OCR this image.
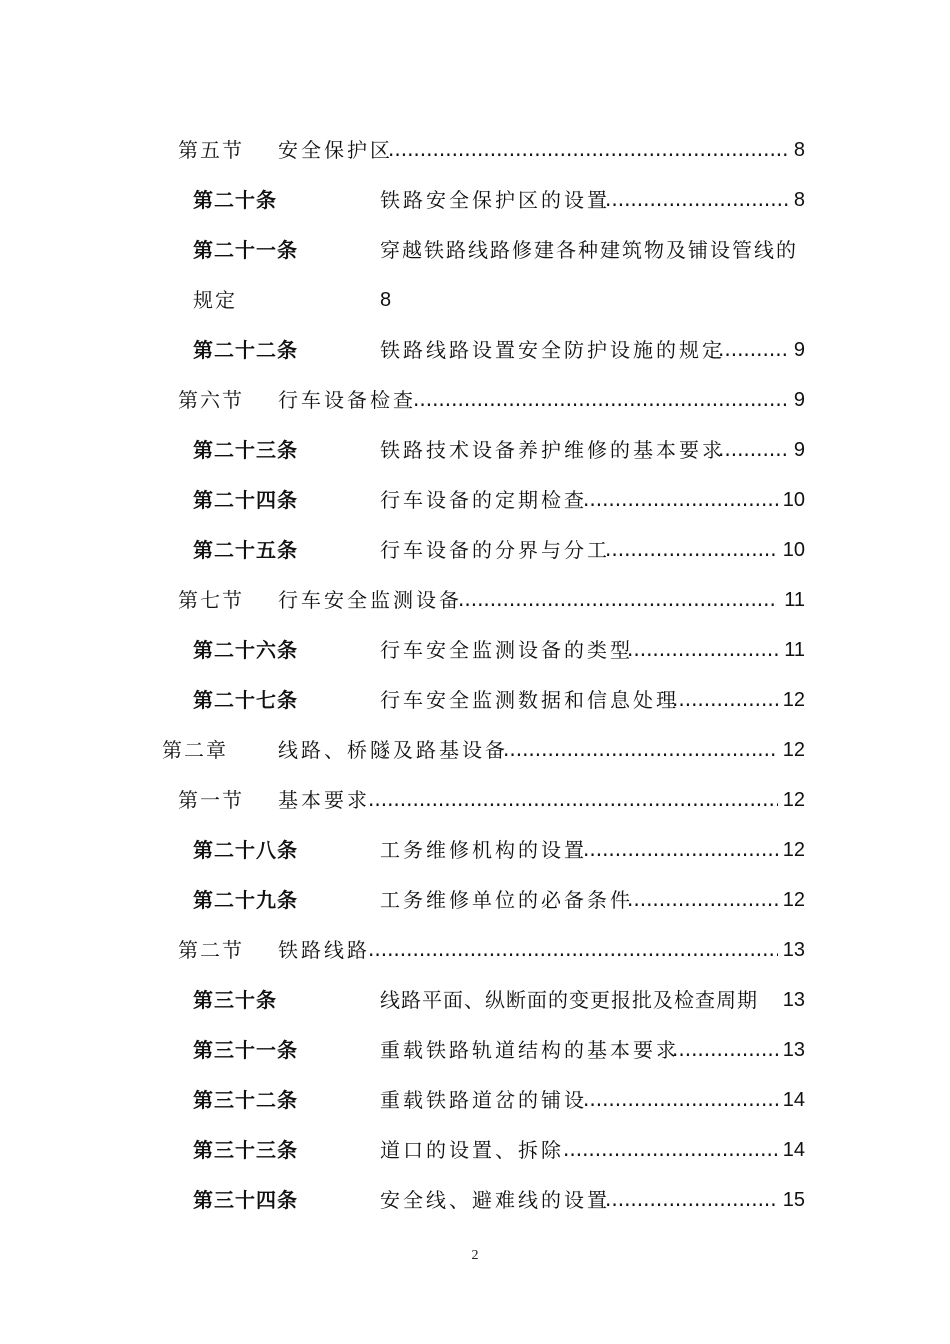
第五节 安全保护区 .....	8
第二十条	铁路安全保护区的设置 .....	8
第二十一条	穿越铁路线路修建各种建筑物及铺设管线的
规定	8
第二十二条	铁路线路设置安全防护设施的规定 .....	9
第六节 行车设备检查 .....	9
第二十三条	铁路技术设备养护维修的基本要求 .....	9
第二十四条	行车设备的定期检查 .....	10
第二十五条	行车设备的分界与分工 .....	10
第七节 行车安全监测设备 .....	11
第二十六条	行车安全监测设备的类型 .....	11
第二十七条	行车安全监测数据和信息处理 .....	12
第二章	线路、桥隧及路基设备 .....	12
第一节 基本要求 .....	12
第二十八条	工务维修机构的设置 .....	12
第二十九条	工务维修单位的必备条件 .....	12
第二节 铁路线路 .....	13
第三十条	线路平面、纵断面的变更报批及检查周期 13
第三十一条	重载铁路轨道结构的基本要求 .....	13
第三十二条	重载铁路道岔的铺设 .....	14
第三十三条	道口的设置、拆除 .....	14
第三十四条	安全线、避难线的设置 .....	15
2
